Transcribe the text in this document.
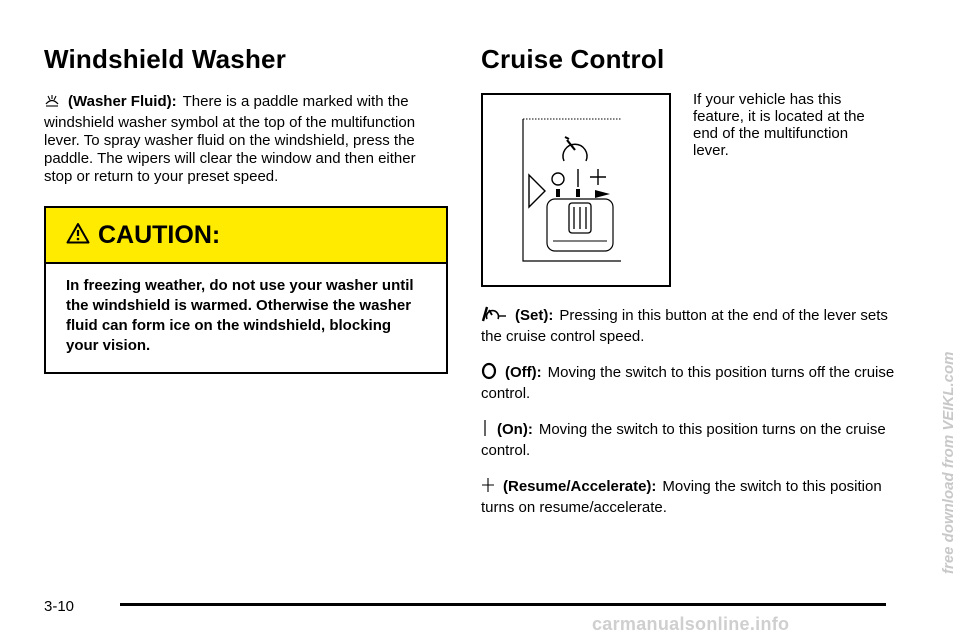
Windshield Washer

(Washer Fluid): There is a paddle marked with the windshield washer symbol at the top of the multifunction lever. To spray washer fluid on the windshield, press the paddle. The wipers will clear the window and then either stop or return to your preset speed.

CAUTION:
In freezing weather, do not use your washer until the windshield is warmed. Otherwise the washer fluid can form ice on the windshield, blocking your vision.
Cruise Control

If your vehicle has this feature, it is located at the end of the multifunction lever.

(Set): Pressing in this button at the end of the lever sets the cruise control speed.

(Off): Moving the switch to this position turns off the cruise control.

(On): Moving the switch to this position turns on the cruise control.

(Resume/Accelerate): Moving the switch to this position turns on resume/accelerate.

3-10
carmanualsonline.info
free download from VEIKL.com
